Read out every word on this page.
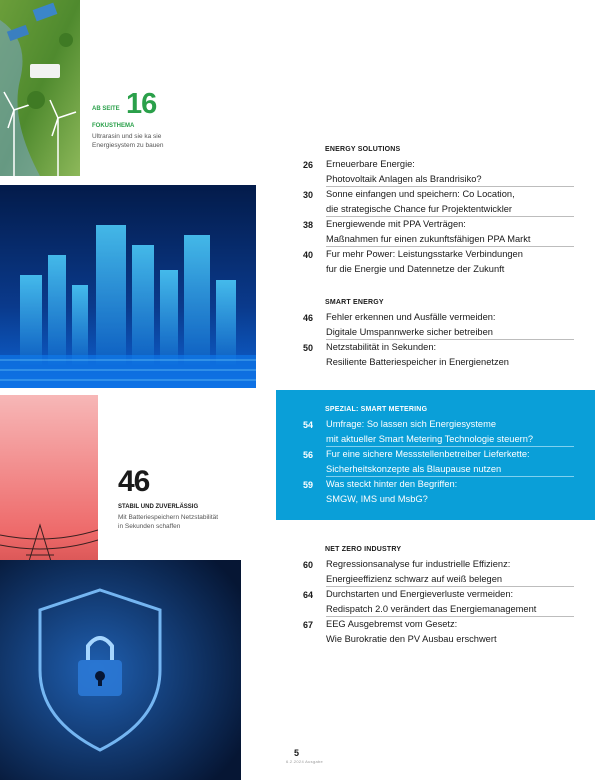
AB SEITE 16
FOKUSTHEMA
Ultrarasin und sie ka sie
Energiesystem zu bauen
46
STABIL UND ZUVERLÄSSIG
Mit Batteriespeichern Netzstabilität
in Sekunden schaffen
ENERGY SOLUTIONS
26	Erneuerbare Energie:
Photovoltaik Anlagen als Brandrisiko?
30	Sonne einfangen und speichern: Co Location,
die strategische Chance fur Projektentwickler
38	Energiewende mit PPA Verträgen:
Maßnahmen fur einen zukunftsfähigen PPA Markt
40	Fur mehr Power: Leistungsstarke Verbindungen
fur die Energie und Datennetze der Zukunft
SMART ENERGY
46	Fehler erkennen und Ausfälle vermeiden:
Digitale Umspannwerke sicher betreiben
50	Netzstabilität in Sekunden:
Resiliente Batteriespeicher in Energienetzen
SPEZIAL: SMART METERING
54	Umfrage: So lassen sich Energiesysteme
mit aktueller Smart Metering Technologie steuern?
56	Fur eine sichere Messstellenbetreiber Lieferkette:
Sicherheitskonzepte als Blaupause nutzen
59	Was steckt hinter den Begriffen:
SMGW, IMS und MsbG?
NET ZERO INDUSTRY
60	Regressionsanalyse fur industrielle Effizienz:
Energieeffizienz schwarz auf weiß belegen
64	Durchstarten und Energieverluste vermeiden:
Redispatch 2.0 verändert das Energiemanagement
67	EEG Ausgebremst vom Gesetz:
Wie Burokratie den PV Ausbau erschwert
5
6.2.2024 Ausgabe
